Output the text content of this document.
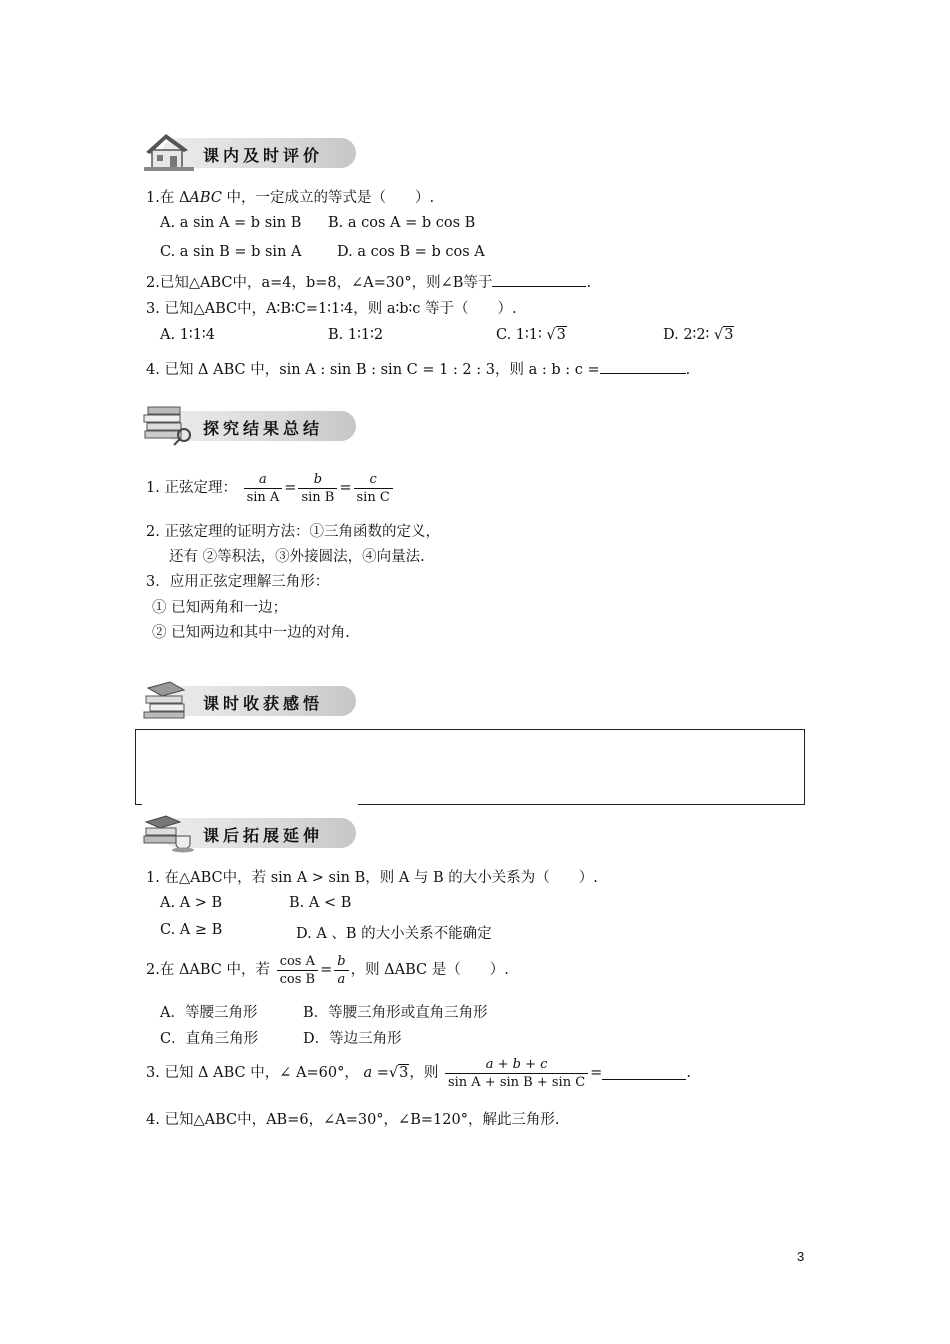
课内及时评价
1.在 ΔABC 中，一定成立的等式是（　　）.
A. a sin A = b sin B B. a cos A = b cos B
C. a sin B = b sin A D. a cos B = b cos A
2.已知△ABC中，a=4，b=8，∠A=30°，则∠B等于	.
3. 已知△ABC中，A∶B∶C=1∶1∶4，则 a∶b∶c 等于（　　）.
A. 1∶1∶4	B. 1∶1∶2	C. 1∶1∶ √3	D. 2∶2∶ √3
4. 已知 Δ ABC 中，sin A : sin B : sin C = 1 : 2 : 3，则 a : b : c =	.
探究结果总结
1. 正弦定理： $\frac{a}{\text{sin A}} = \frac{b}{\text{sin B}} = \frac{c}{\text{sin C}}$
2. 正弦定理的证明方法：①三角函数的定义，
还有 ②等积法，③外接圆法，④向量法.
3．应用正弦定理解三角形：
① 已知两角和一边；
② 已知两边和其中一边的对角.
课时收获感悟
课后拓展延伸
1. 在△ABC中，若 sin A > sin B，则 A 与 B 的大小关系为（　　）.
A. A > B	B. A < B
C. A ≥ B	D. A 、B 的大小关系不能确定
2.在 ΔABC 中，若 $\frac{\text{cos A}}{\text{cos B}} = \frac{b}{a}$ ，则 ΔABC 是（　　）.
A．等腰三角形	B．等腰三角形或直角三角形
C．直角三角形	D．等边三角形
3. 已知 Δ ABC 中，∠ A=60°， a =√3，则 $\frac{a + b + c}{\text{sin A + sin B + sin C}}$ =	.
4. 已知△ABC中，AB=6，∠A=30°，∠B=120°，解此三角形.
3
